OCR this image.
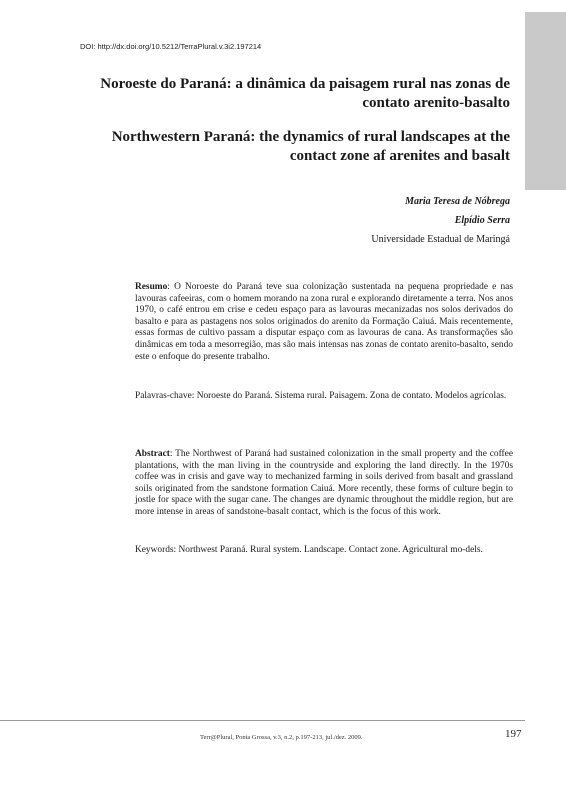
DOI: http://dx.doi.org/10.5212/TerraPlural.v.3i2.197214
Noroeste do Paraná: a dinâmica da paisagem rural nas zonas de
contato arenito-basalto
Northwestern Paraná: the dynamics of rural landscapes at the
contact zone af arenites and basalt
Maria Teresa de Nóbrega
Elpídio Serra
Universidade Estadual de Maringá
Resumo: O Noroeste do Paraná teve sua colonização sustentada na pequena propriedade e nas lavouras cafeeiras, com o homem morando na zona rural e explorando diretamente a terra. Nos anos 1970, o café entrou em crise e cedeu espaço para as lavouras mecanizadas nos solos derivados do basalto e para as pastagens nos solos originados do arenito da Formação Caiuá. Mais recentemente, essas formas de cultivo passam a disputar espaço com as lavouras de cana. As transformações são dinâmicas em toda a mesorregião, mas são mais intensas nas zonas de contato arenito-basalto, sendo este o enfoque do presente trabalho.
Palavras-chave: Noroeste do Paraná. Sistema rural. Paisagem. Zona de contato. Modelos agrícolas.
Abstract: The Northwest of Paraná had sustained colonization in the small property and the coffee plantations, with the man living in the countryside and exploring the land directly. In the 1970s coffee was in crisis and gave way to mechanized farming in soils derived from basalt and grassland soils originated from the sandstone formation Caiuá. More recently, these forms of culture begin to jostle for space with the sugar cane. The changes are dynamic throughout the middle region, but are more intense in areas of sandstone-basalt contact, which is the focus of this work.
Keywords: Northwest Paraná. Rural system. Landscape. Contact zone. Agricultural mo-dels.
Terr@Plural, Ponta Grossa, v.3, n.2, p.197-213, jul./dez. 2009.	197
